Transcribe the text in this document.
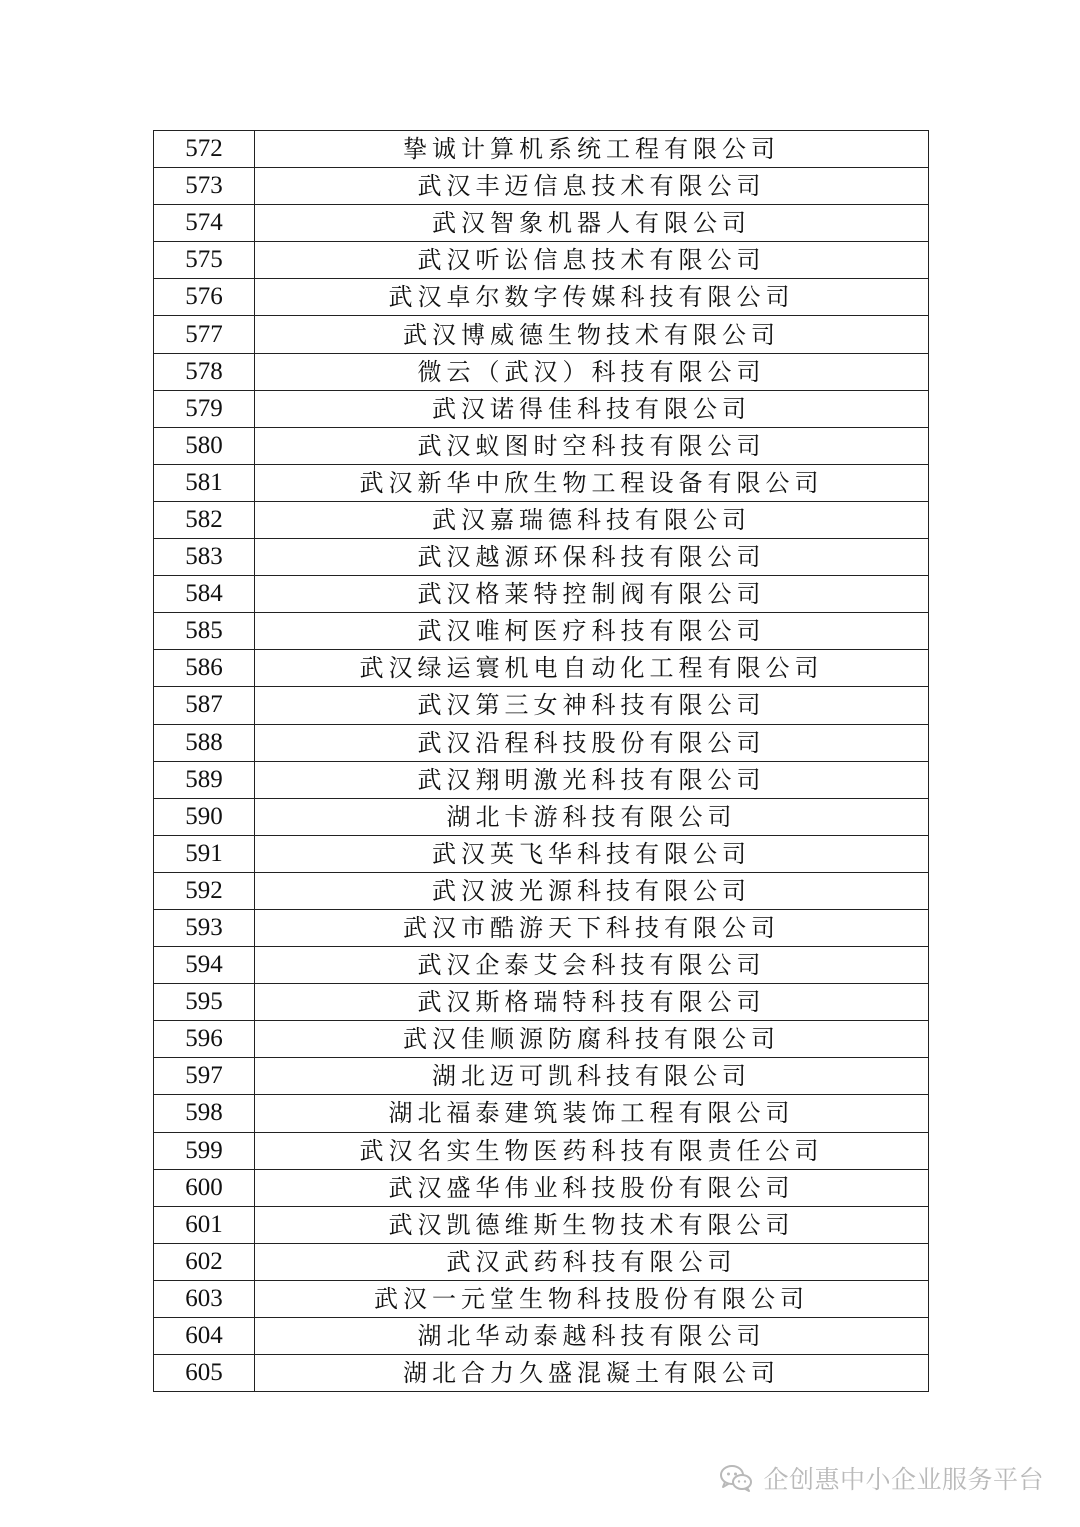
572	挚诚计算机系统工程有限公司
573	武汉丰迈信息技术有限公司
574	武汉智象机器人有限公司
575	武汉听讼信息技术有限公司
576	武汉卓尔数字传媒科技有限公司
577	武汉博威德生物技术有限公司
578	微云（武汉）科技有限公司
579	武汉诺得佳科技有限公司
580	武汉蚁图时空科技有限公司
581	武汉新华中欣生物工程设备有限公司
582	武汉嘉瑞德科技有限公司
583	武汉越源环保科技有限公司
584	武汉格莱特控制阀有限公司
585	武汉唯柯医疗科技有限公司
586	武汉绿运寰机电自动化工程有限公司
587	武汉第三女神科技有限公司
588	武汉沿程科技股份有限公司
589	武汉翔明激光科技有限公司
590	湖北卡游科技有限公司
591	武汉英飞华科技有限公司
592	武汉波光源科技有限公司
593	武汉市酷游天下科技有限公司
594	武汉企泰艾会科技有限公司
595	武汉斯格瑞特科技有限公司
596	武汉佳顺源防腐科技有限公司
597	湖北迈可凯科技有限公司
598	湖北福泰建筑装饰工程有限公司
599	武汉名实生物医药科技有限责任公司
600	武汉盛华伟业科技股份有限公司
601	武汉凯德维斯生物技术有限公司
602	武汉武药科技有限公司
603	武汉一元堂生物科技股份有限公司
604	湖北华动泰越科技有限公司
605	湖北合力久盛混凝土有限公司
企创惠中小企业服务平台
